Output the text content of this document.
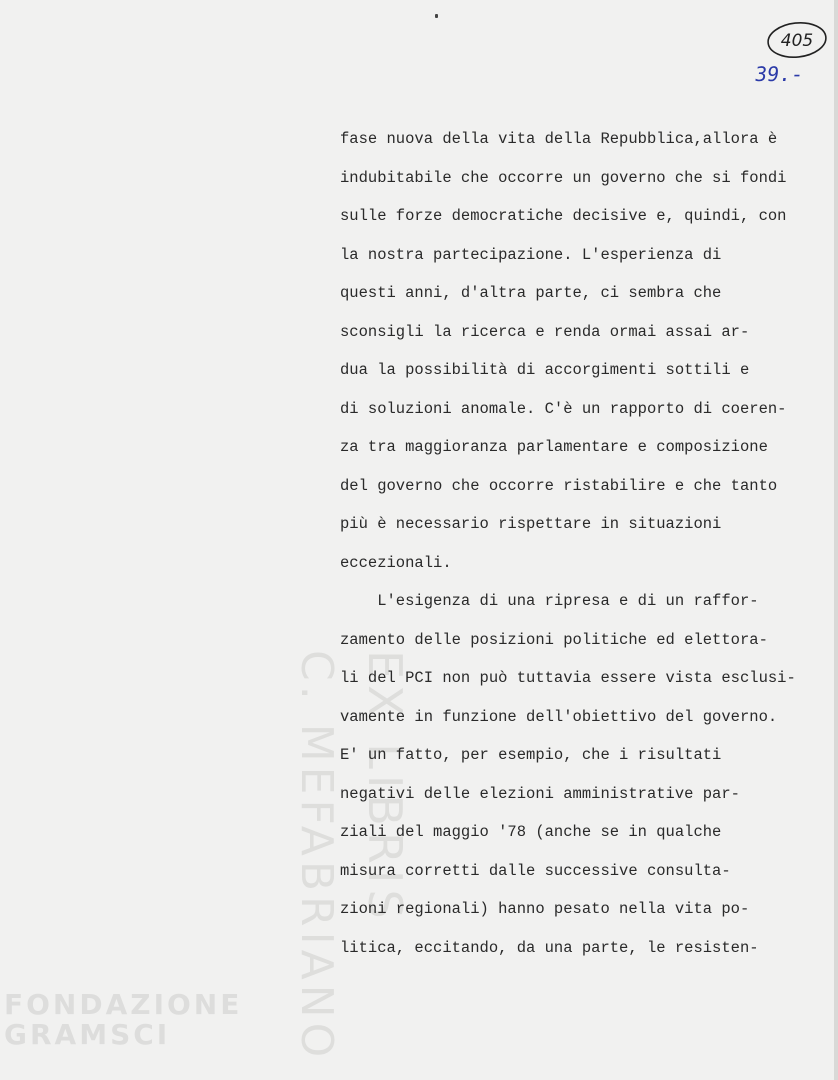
EX LIBRIS
C. MEFABRIANO
FONDAZIONE
GRAMSCI
405
39.-
fase nuova della vita della Repubblica,allora è
indubitabile che occorre un governo che si fondi
sulle forze democratiche decisive e, quindi, con
la nostra partecipazione. L'esperienza di
questi anni, d'altra parte, ci sembra che
sconsigli la ricerca e renda ormai assai ar-
dua la possibilità di accorgimenti sottili e
di soluzioni anomale. C'è un rapporto di coeren-
za tra maggioranza parlamentare e composizione
del governo che occorre ristabilire e che tanto
più è necessario rispettare in situazioni
eccezionali.
L'esigenza di una ripresa e di un raffor-
zamento delle posizioni politiche ed elettora-
li del PCI non può tuttavia essere vista esclusi-
vamente in funzione dell'obiettivo del governo.
E' un fatto, per esempio, che i risultati
negativi delle elezioni amministrative par-
ziali del maggio '78 (anche se in qualche
misura corretti dalle successive consulta-
zioni regionali) hanno pesato nella vita po-
litica, eccitando, da una parte, le resisten-
